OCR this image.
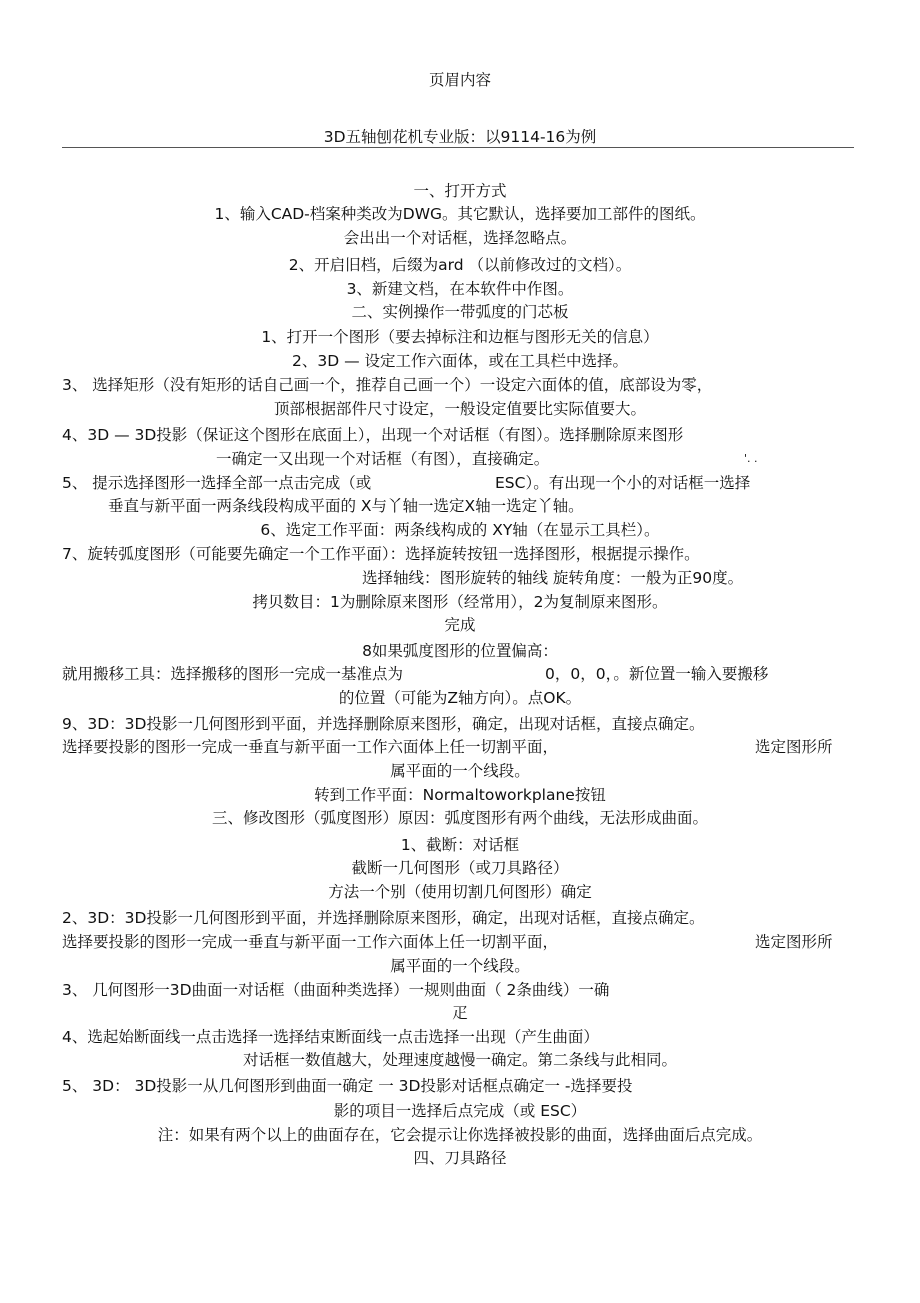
页眉内容
3D五轴刨花机专业版：以9114-16为例
一、打开方式
1、输入CAD-档案种类改为DWG。其它默认，选择要加工部件的图纸。
会出出一个对话框，选择忽略点。
2、开启旧档，后缀为ard （以前修改过的文档）。
3、新建文档，在本软件中作图。
二、实例操作一带弧度的门芯板
1、打开一个图形（要去掉标注和边框与图形无关的信息）
2、3D — 设定工作六面体，或在工具栏中选择。
3、 选择矩形（没有矩形的话自己画一个，推荐自己画一个）一设定六面体的值，底部设为零，
顶部根据部件尺寸设定，一般设定值要比实际值要大。
4、3D — 3D投影（保证这个图形在底面上），出现一个对话框（有图）。选择删除原来图形
一确定一又出现一个对话框（有图），直接确定。	'. .
5、 提示选择图形一选择全部一点击完成（或	ESC）。有出现一个小的对话框一选择
垂直与新平面一两条线段构成平面的 X与丫轴一选定X轴一选定丫轴。
6、选定工作平面：两条线构成的 XY轴（在显示工具栏）。
7、旋转弧度图形（可能要先确定一个工作平面）：选择旋转按钮一选择图形，根据提示操作。
选择轴线：图形旋转的轴线 旋转角度：一般为正90度。
拷贝数目：1为删除原来图形（经常用），2为复制原来图形。
完成
8如果弧度图形的位置偏高：
就用搬移工具：选择搬移的图形一完成一基准点为	0，0，0，。新位置一输入要搬移
的位置（可能为Z轴方向）。点OK。
9、3D：3D投影一几何图形到平面，并选择删除原来图形，确定，出现对话框，直接点确定。
选择要投影的图形一完成一垂直与新平面一工作六面体上任一切割平面，	选定图形所
属平面的一个线段。
转到工作平面：Normaltoworkplane按钮
三、修改图形（弧度图形）原因：弧度图形有两个曲线，无法形成曲面。
1、截断：对话框
截断一几何图形（或刀具路径）
方法一个别（使用切割几何图形）确定
2、3D：3D投影一几何图形到平面，并选择删除原来图形，确定，出现对话框，直接点确定。
选择要投影的图形一完成一垂直与新平面一工作六面体上任一切割平面，	选定图形所
属平面的一个线段。
3、 几何图形一3D曲面一对话框（曲面种类选择）一规则曲面（ 2条曲线）一确
疋
4、选起始断面线一点击选择一选择结束断面线一点击选择一出现（产生曲面）
对话框一数值越大，处理速度越慢一确定。第二条线与此相同。
5、 3D： 3D投影一从几何图形到曲面一确定 一 3D投影对话框点确定一 -选择要投
影的项目一选择后点完成（或 ESC）
注：如果有两个以上的曲面存在，它会提示让你选择被投影的曲面，选择曲面后点完成。
四、刀具路径
